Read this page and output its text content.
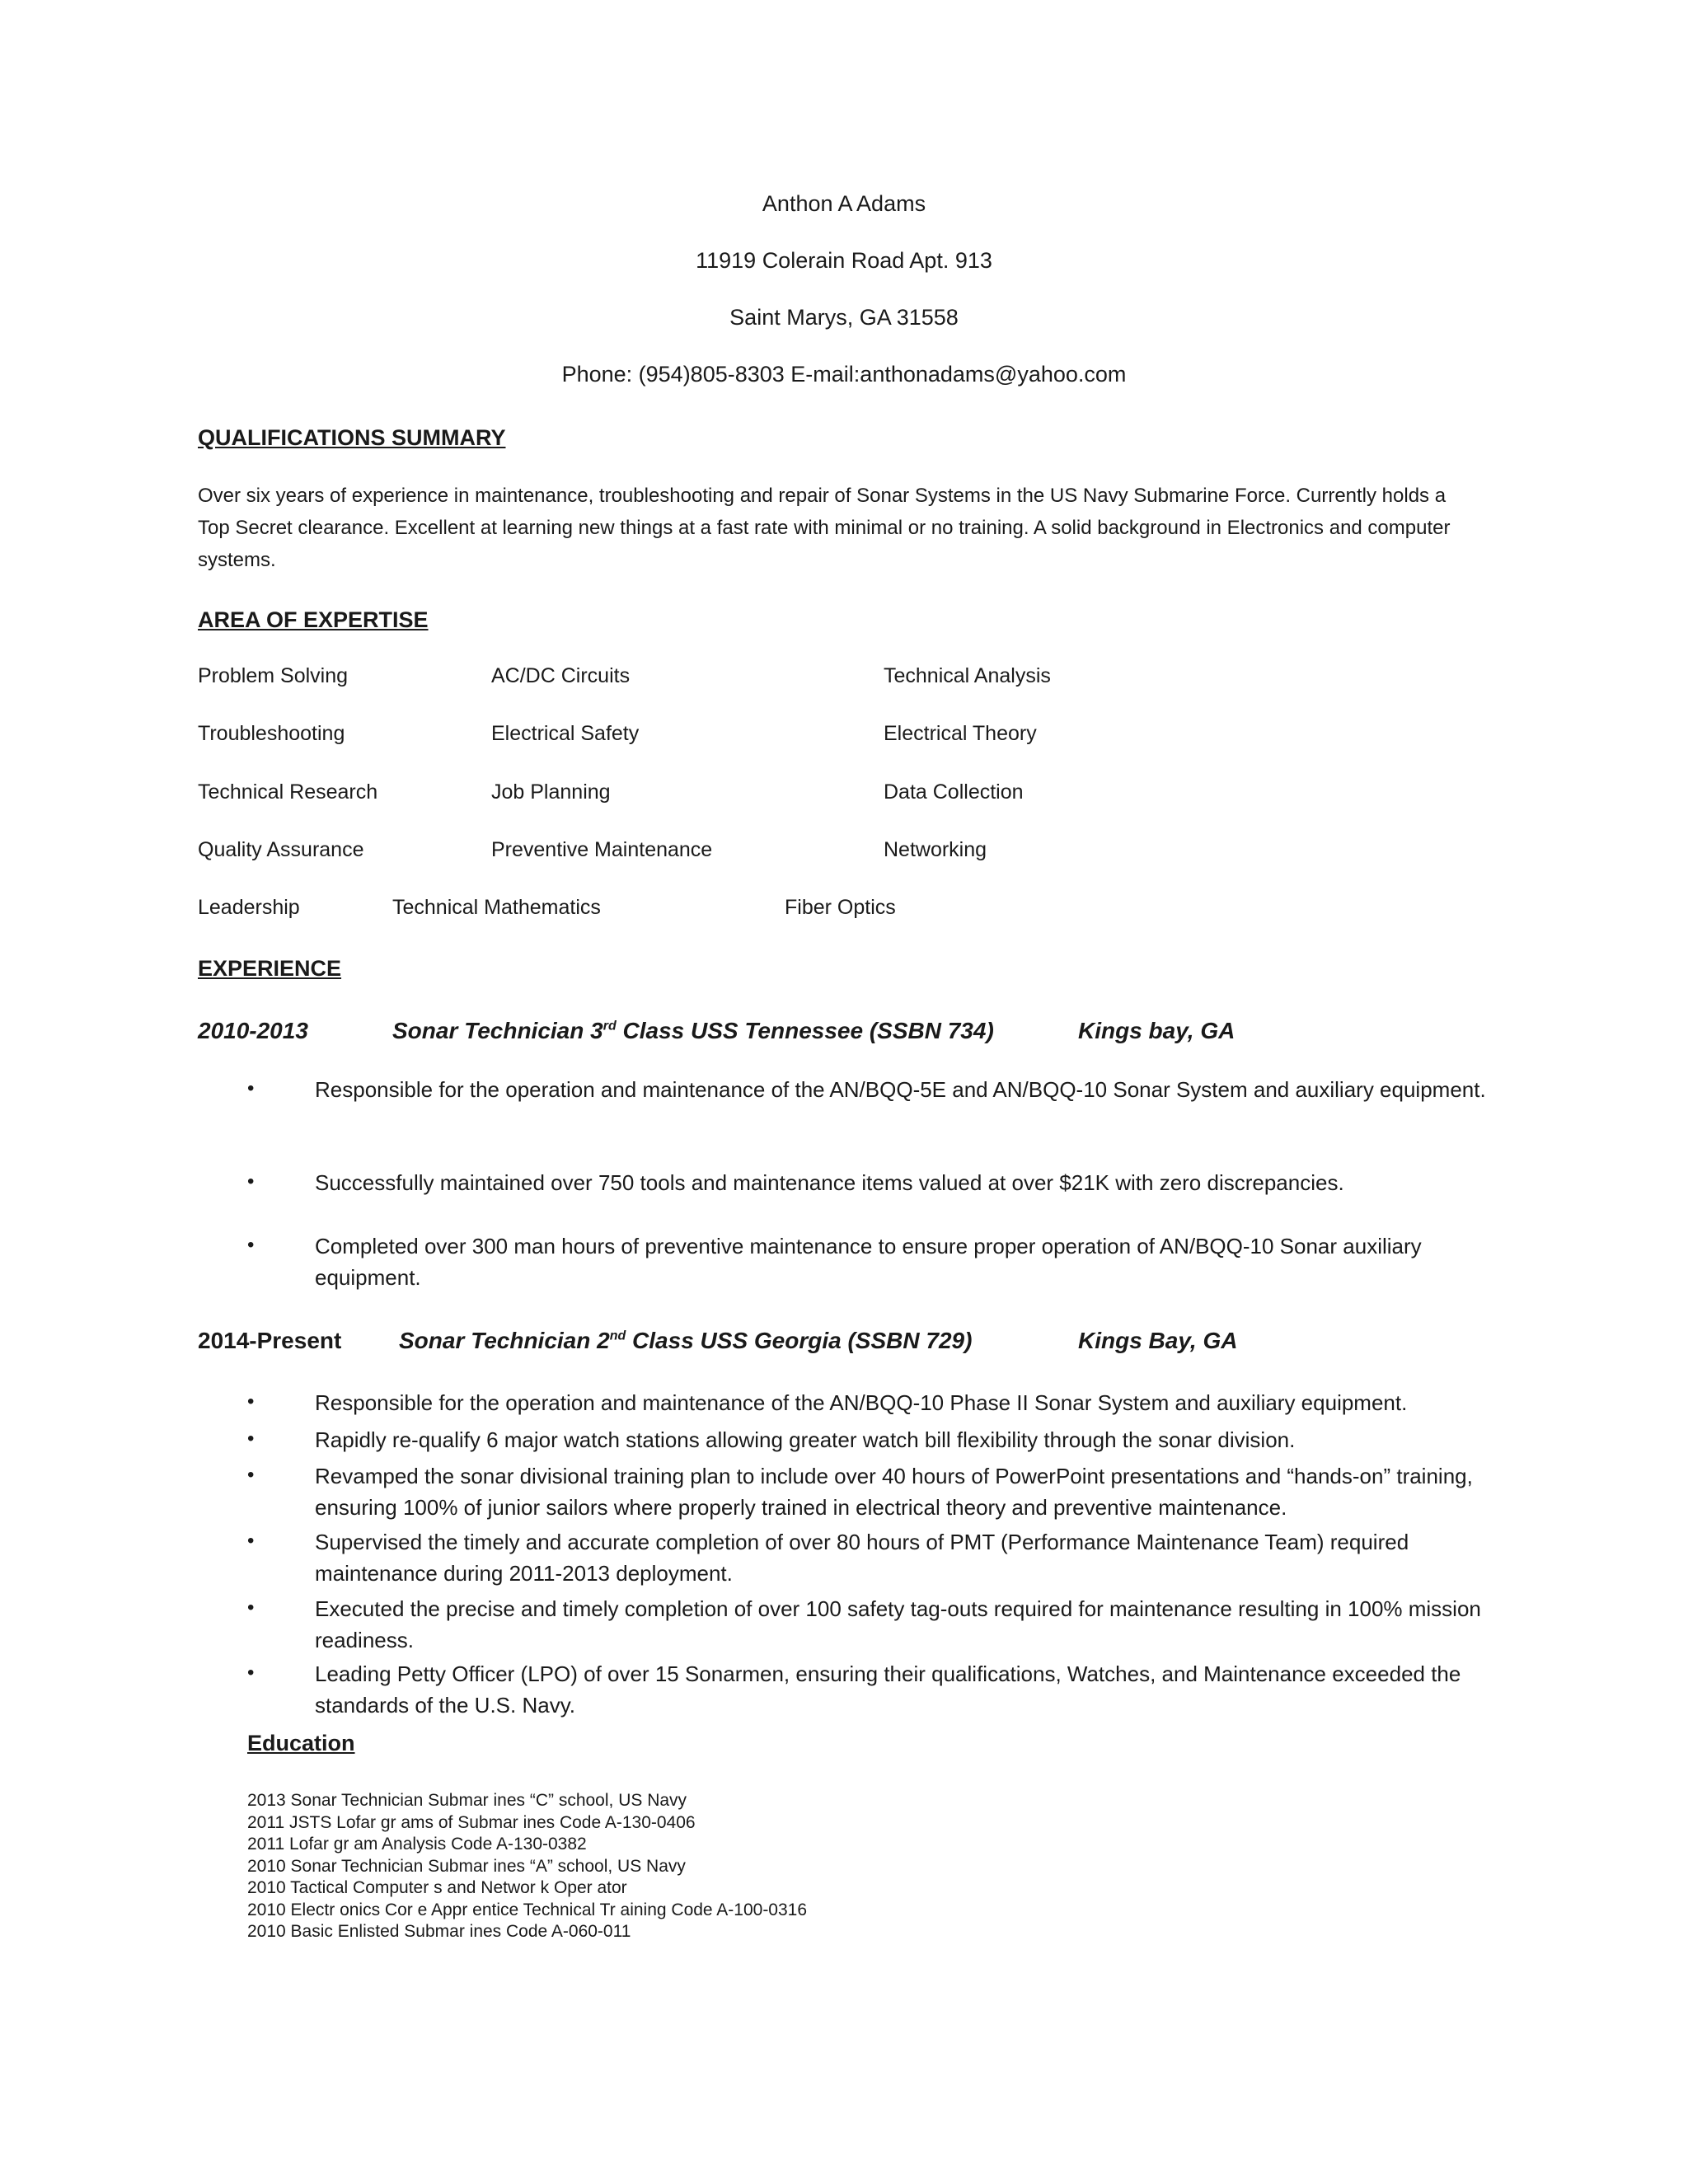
Anthon A Adams
11919 Colerain Road Apt. 913
Saint Marys, GA 31558
Phone: (954)805-8303 E-mail:anthonadams@yahoo.com
QUALIFICATIONS SUMMARY
Over six years of experience in maintenance, troubleshooting and repair of Sonar Systems in the US Navy Submarine Force. Currently holds a
Top Secret clearance. Excellent at learning new things at a fast rate with minimal or no training. A solid background in Electronics and computer
systems.
AREA OF EXPERTISE
Problem Solving	AC/DC Circuits	Technical Analysis
Troubleshooting	Electrical Safety	Electrical Theory
Technical Research	Job Planning	Data Collection
Quality Assurance	Preventive Maintenance	Networking
Leadership	Technical Mathematics	Fiber Optics
EXPERIENCE
2010-2013	Sonar Technician 3rd Class USS Tennessee (SSBN 734)	Kings bay, GA
•	Responsible for the operation and maintenance of the AN/BQQ-5E and AN/BQQ-10 Sonar System and auxiliary equipment.
•	Successfully maintained over 750 tools and maintenance items valued at over $21K with zero discrepancies.
•	Completed over 300 man hours of preventive maintenance to ensure proper operation of AN/BQQ-10 Sonar auxiliary equipment.
2014-Present Sonar Technician 2nd Class USS Georgia (SSBN 729)	Kings Bay, GA
•	Responsible for the operation and maintenance of the AN/BQQ-10 Phase II Sonar System and auxiliary equipment.
•	Rapidly re-qualify 6 major watch stations allowing greater watch bill flexibility through the sonar division.
•	Revamped the sonar divisional training plan to include over 40 hours of PowerPoint presentations and “hands-on” training, ensuring 100% of junior sailors where properly trained in electrical theory and preventive maintenance.
•	Supervised the timely and accurate completion of over 80 hours of PMT (Performance Maintenance Team) required maintenance during 2011-2013 deployment.
•	Executed the precise and timely completion of over 100 safety tag-outs required for maintenance resulting in 100% mission readiness.
•	Leading Petty Officer (LPO) of over 15 Sonarmen, ensuring their qualifications, Watches, and Maintenance exceeded the standards of the U.S. Navy.
Education
2013 Sonar Technician Submar ines “C” school, US Navy
2011 JSTS Lofar gr ams of Submar ines Code A-130-0406
2011 Lofar gr am Analysis Code A-130-0382
2010 Sonar Technician Submar ines “A” school, US Navy
2010 Tactical Computer s and Networ k Oper ator
2010 Electr onics Cor e Appr entice Technical Tr aining Code A-100-0316
2010 Basic Enlisted Submar ines Code A-060-011
